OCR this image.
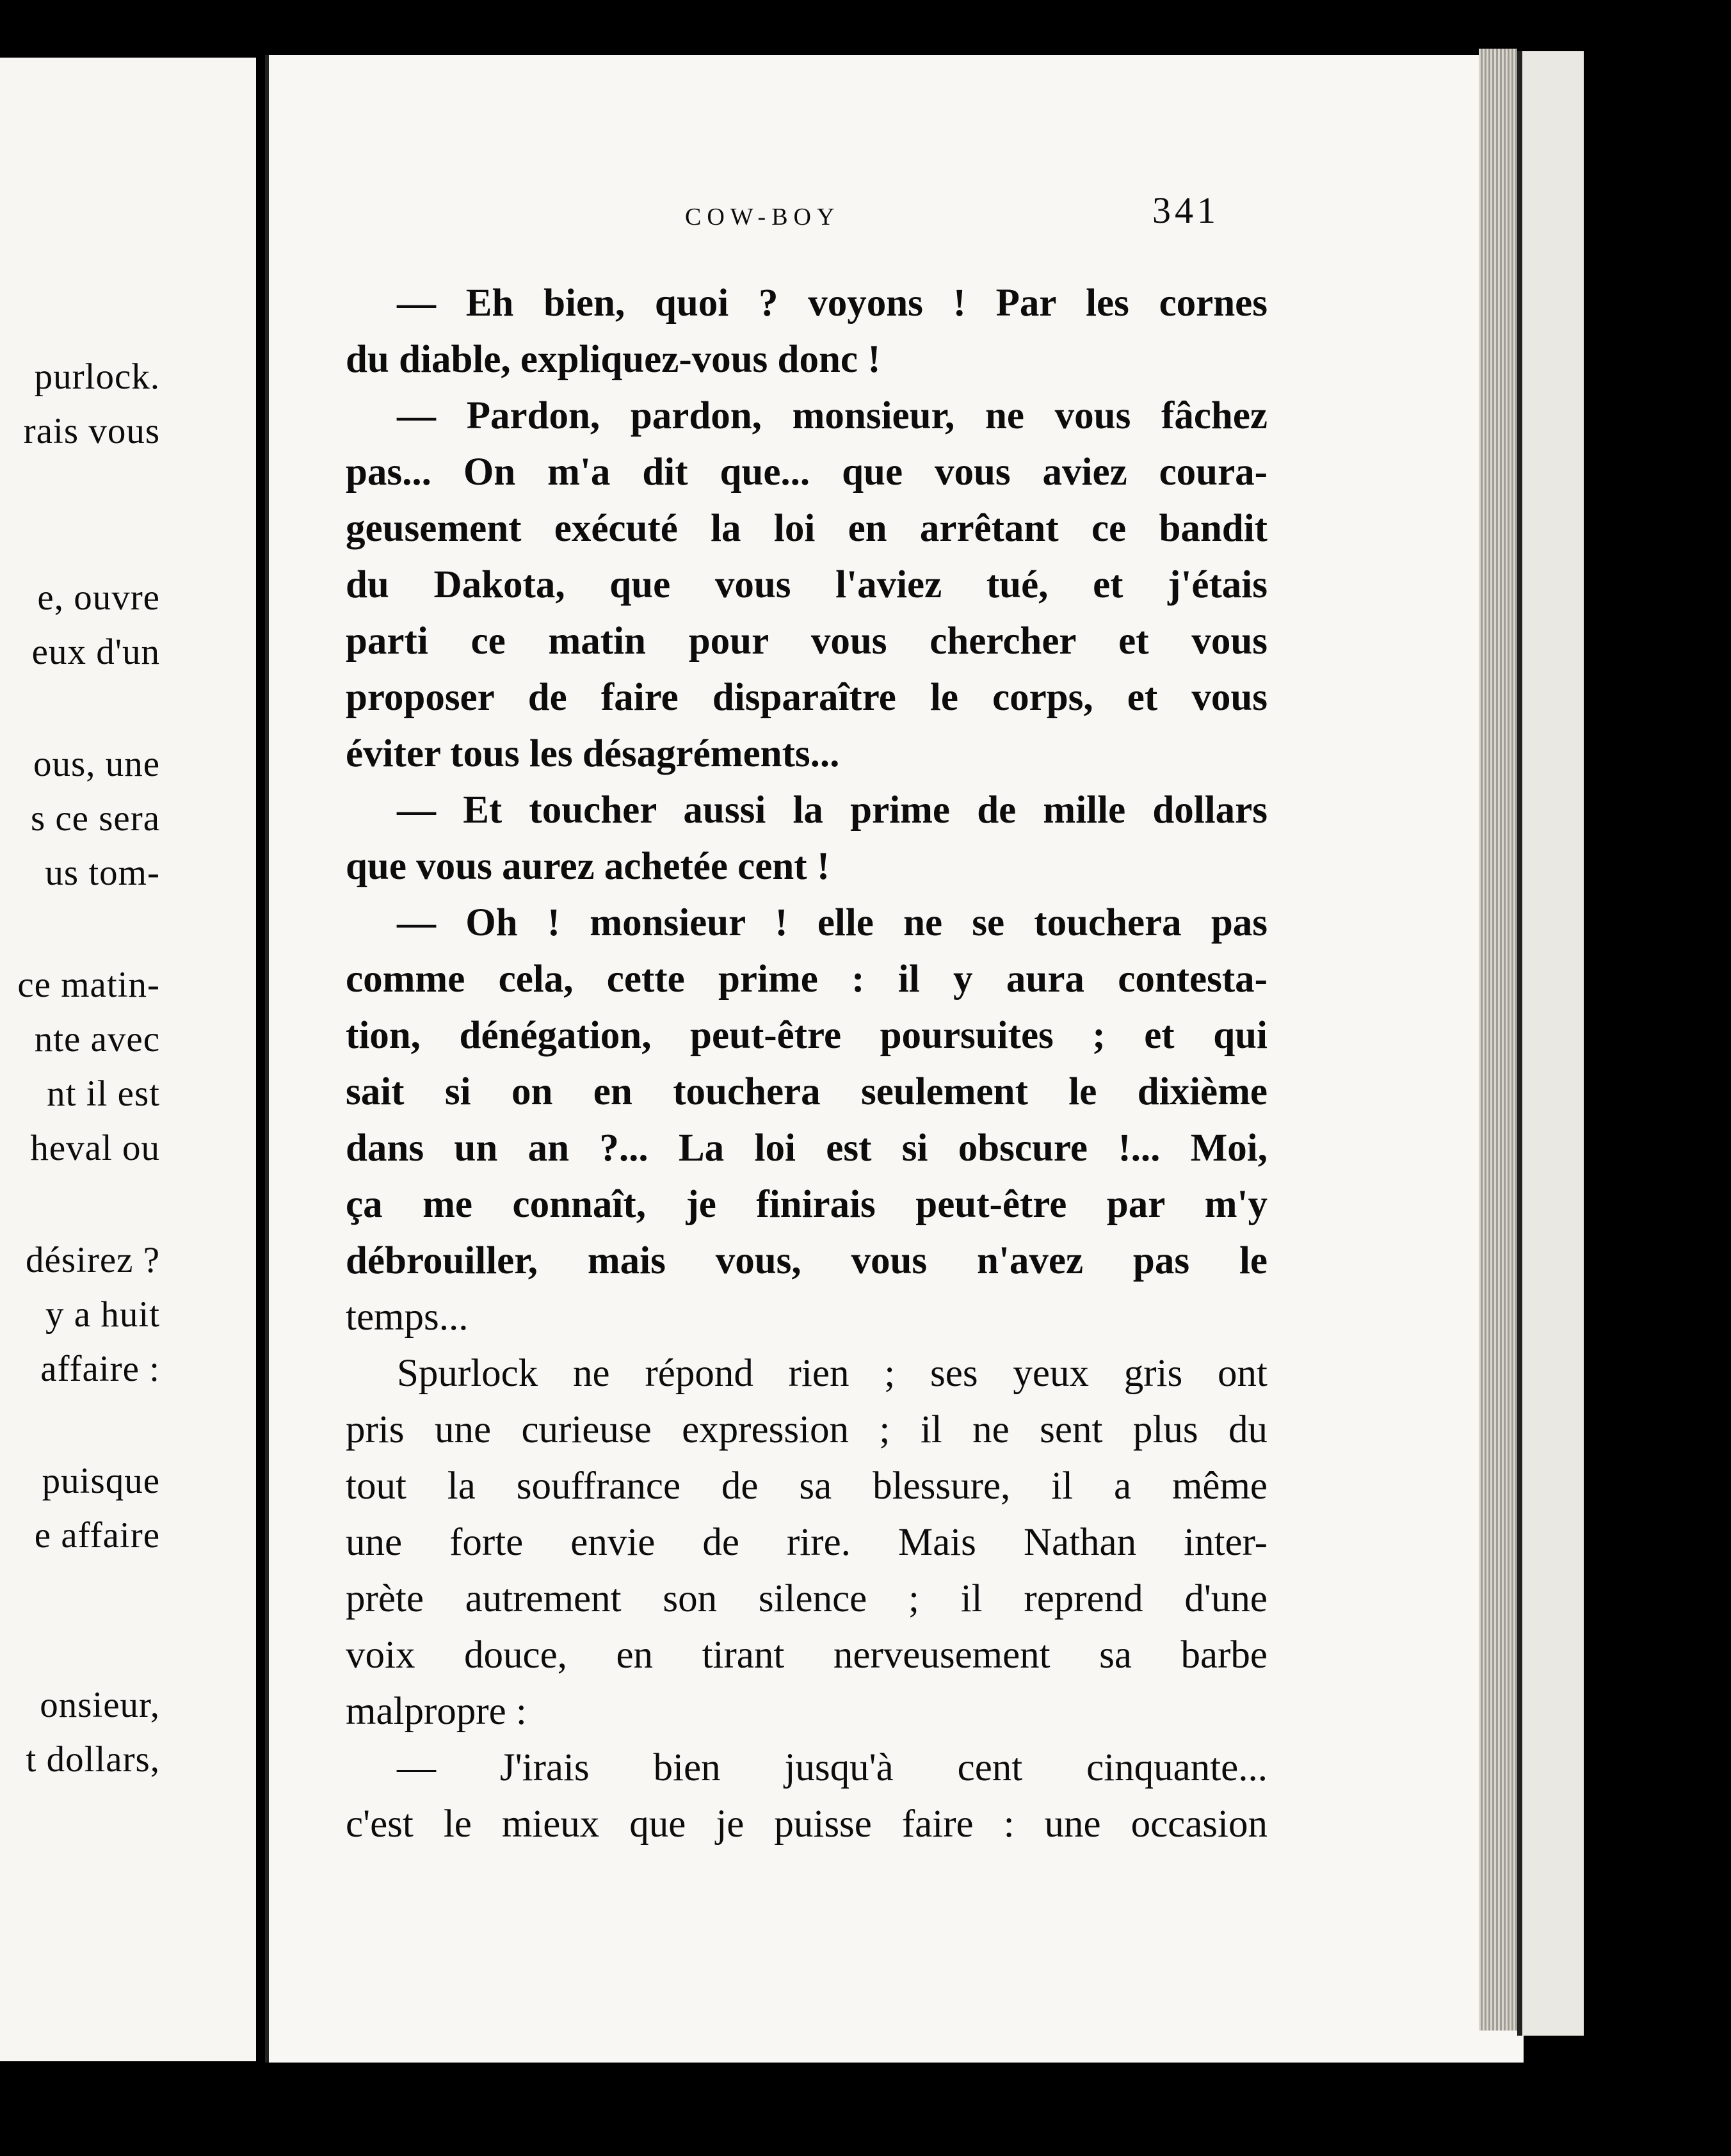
purlock.

rais vous

e, ouvre

eux d'un

ous, une

s ce sera

us tom-

ce matin-

nte avec

nt il est

heval ou

désirez ?

y a huit

affaire :

puisque

e affaire

onsieur,

t dollars,

COW-BOY	341

— Eh bien, quoi ? voyons ! Par les cornes

du diable, expliquez-vous donc !

— Pardon, pardon, monsieur, ne vous fâchez

pas... On m'a dit que... que vous aviez coura-

geusement exécuté la loi en arrêtant ce bandit

du Dakota, que vous l'aviez tué, et j'étais

parti ce matin pour vous chercher et vous

proposer de faire disparaître le corps, et vous

éviter tous les désagréments...

— Et toucher aussi la prime de mille dollars

que vous aurez achetée cent !

— Oh ! monsieur ! elle ne se touchera pas

comme cela, cette prime : il y aura contesta-

tion, dénégation, peut-être poursuites ; et qui

sait si on en touchera seulement le dixième

dans un an ?... La loi est si obscure !... Moi,

ça me connaît, je finirais peut-être par m'y

débrouiller, mais vous, vous n'avez pas le

temps...

Spurlock ne répond rien ; ses yeux gris ont

pris une curieuse expression ; il ne sent plus du

tout la souffrance de sa blessure, il a même

une forte envie de rire. Mais Nathan inter-

prète autrement son silence ; il reprend d'une

voix douce, en tirant nerveusement sa barbe

malpropre :

— J'irais bien jusqu'à cent cinquante...

c'est le mieux que je puisse faire : une occasion
